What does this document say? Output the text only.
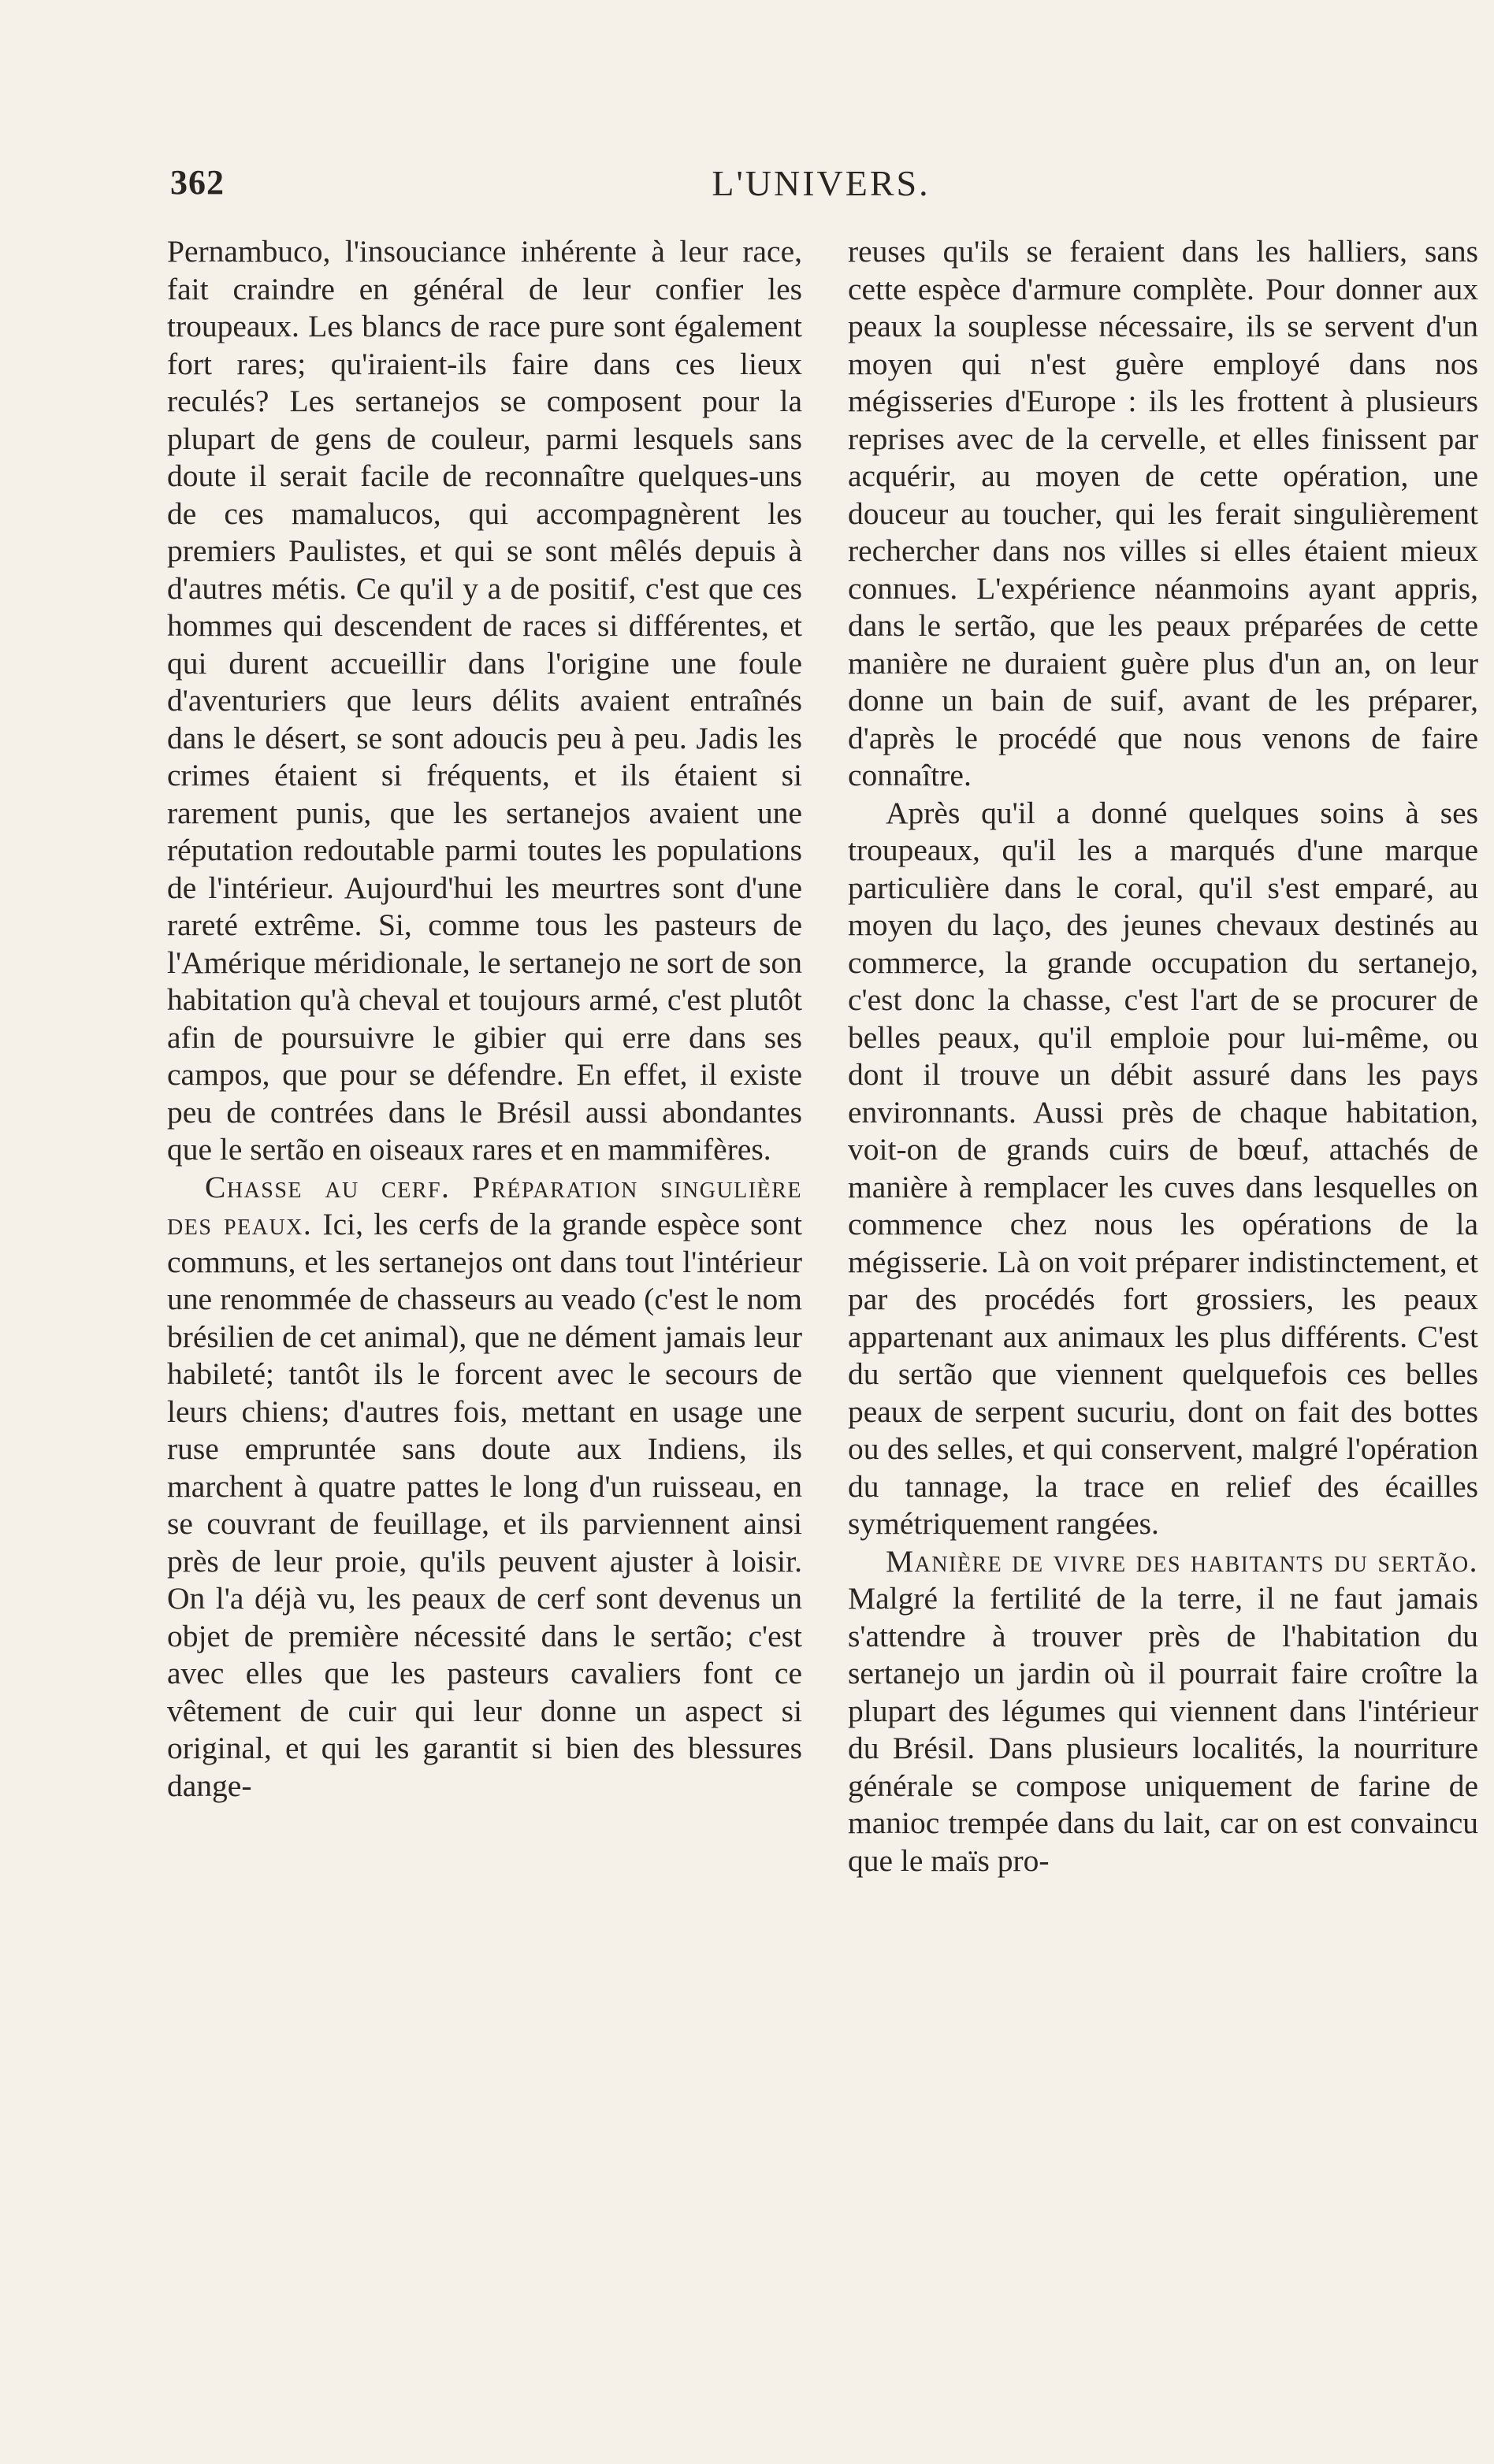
362	L'UNIVERS.

Pernambuco, l'insouciance inhérente à leur race, fait craindre en général de leur confier les troupeaux. Les blancs de race pure sont également fort rares; qu'iraient-ils faire dans ces lieux reculés? Les sertanejos se composent pour la plupart de gens de couleur, parmi lesquels sans doute il serait facile de reconnaître quelques-uns de ces mamalucos, qui accompagnèrent les premiers Paulistes, et qui se sont mêlés depuis à d'autres métis. Ce qu'il y a de positif, c'est que ces hommes qui descendent de races si différentes, et qui durent accueillir dans l'origine une foule d'aventuriers que leurs délits avaient entraînés dans le désert, se sont adoucis peu à peu. Jadis les crimes étaient si fréquents, et ils étaient si rarement punis, que les sertanejos avaient une réputation redoutable parmi toutes les populations de l'intérieur. Aujourd'hui les meurtres sont d'une rareté extrême. Si, comme tous les pasteurs de l'Amérique méridionale, le sertanejo ne sort de son habitation qu'à cheval et toujours armé, c'est plutôt afin de poursuivre le gibier qui erre dans ses campos, que pour se défendre. En effet, il existe peu de contrées dans le Brésil aussi abondantes que le sertão en oiseaux rares et en mammifères.

Chasse au cerf. Préparation singulière des peaux. Ici, les cerfs de la grande espèce sont communs, et les sertanejos ont dans tout l'intérieur une renommée de chasseurs au veado (c'est le nom brésilien de cet animal), que ne dément jamais leur habileté; tantôt ils le forcent avec le secours de leurs chiens; d'autres fois, mettant en usage une ruse empruntée sans doute aux Indiens, ils marchent à quatre pattes le long d'un ruisseau, en se couvrant de feuillage, et ils parviennent ainsi près de leur proie, qu'ils peuvent ajuster à loisir. On l'a déjà vu, les peaux de cerf sont devenus un objet de première nécessité dans le sertão; c'est avec elles que les pasteurs cavaliers font ce vêtement de cuir qui leur donne un aspect si original, et qui les garantit si bien des blessures dange-

reuses qu'ils se feraient dans les halliers, sans cette espèce d'armure complète. Pour donner aux peaux la souplesse nécessaire, ils se servent d'un moyen qui n'est guère employé dans nos mégisseries d'Europe : ils les frottent à plusieurs reprises avec de la cervelle, et elles finissent par acquérir, au moyen de cette opération, une douceur au toucher, qui les ferait singulièrement rechercher dans nos villes si elles étaient mieux connues. L'expérience néanmoins ayant appris, dans le sertão, que les peaux préparées de cette manière ne duraient guère plus d'un an, on leur donne un bain de suif, avant de les préparer, d'après le procédé que nous venons de faire connaître.

Après qu'il a donné quelques soins à ses troupeaux, qu'il les a marqués d'une marque particulière dans le coral, qu'il s'est emparé, au moyen du laço, des jeunes chevaux destinés au commerce, la grande occupation du sertanejo, c'est donc la chasse, c'est l'art de se procurer de belles peaux, qu'il emploie pour lui-même, ou dont il trouve un débit assuré dans les pays environnants. Aussi près de chaque habitation, voit-on de grands cuirs de bœuf, attachés de manière à remplacer les cuves dans lesquelles on commence chez nous les opérations de la mégisserie. Là on voit préparer indistinctement, et par des procédés fort grossiers, les peaux appartenant aux animaux les plus différents. C'est du sertão que viennent quelquefois ces belles peaux de serpent sucuriu, dont on fait des bottes ou des selles, et qui conservent, malgré l'opération du tannage, la trace en relief des écailles symétriquement rangées.

Manière de vivre des habitants du sertão. Malgré la fertilité de la terre, il ne faut jamais s'attendre à trouver près de l'habitation du sertanejo un jardin où il pourrait faire croître la plupart des légumes qui viennent dans l'intérieur du Brésil. Dans plusieurs localités, la nourriture générale se compose uniquement de farine de manioc trempée dans du lait, car on est convaincu que le maïs pro-
